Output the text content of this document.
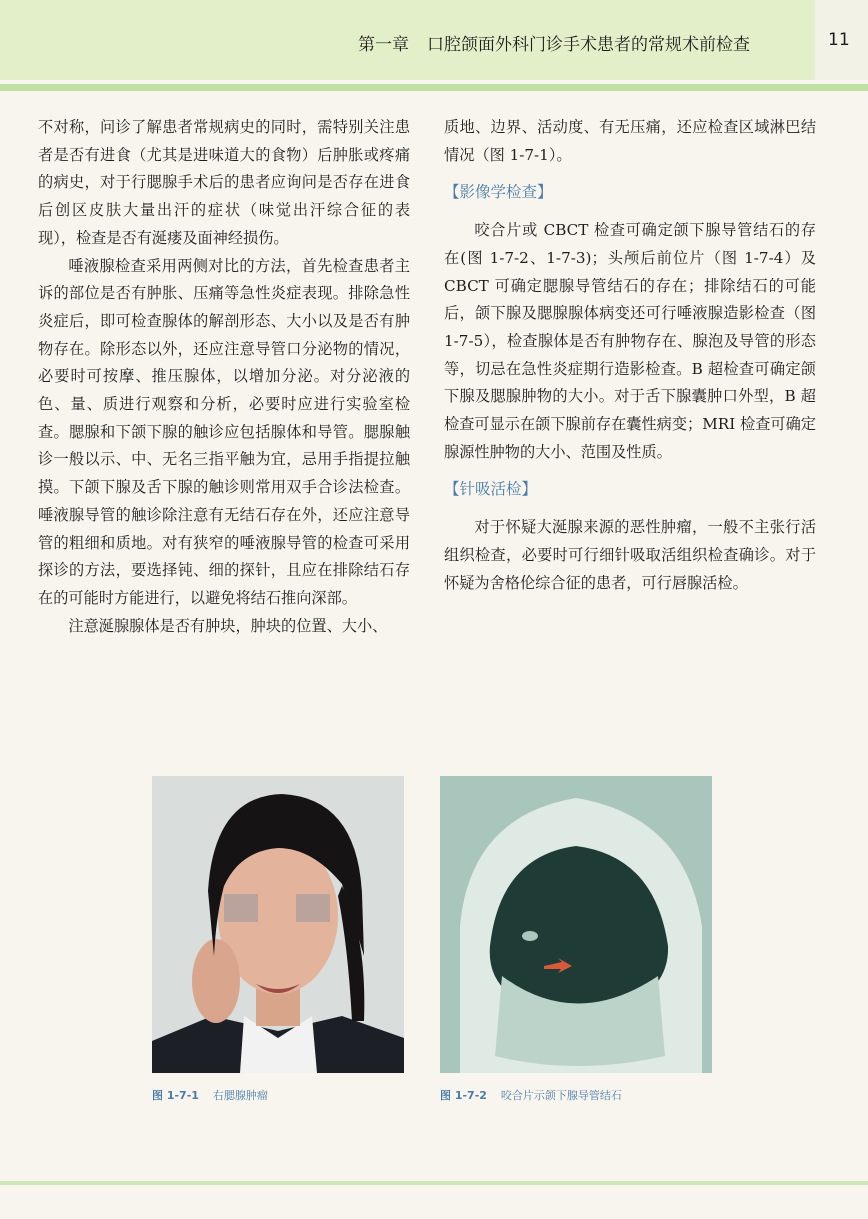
第一章 口腔颌面外科门诊手术患者的常规术前检查	11

不对称，问诊了解患者常规病史的同时，需特别关注患者是否有进食（尤其是进味道大的食物）后肿胀或疼痛的病史，对于行腮腺手术后的患者应询问是否存在进食后创区皮肤大量出汗的症状（味觉出汗综合征的表现），检查是否有涎瘘及面神经损伤。

唾液腺检查采用两侧对比的方法，首先检查患者主诉的部位是否有肿胀、压痛等急性炎症表现。排除急性炎症后，即可检查腺体的解剖形态、大小以及是否有肿物存在。除形态以外，还应注意导管口分泌物的情况，必要时可按摩、推压腺体，以增加分泌。对分泌液的色、量、质进行观察和分析，必要时应进行实验室检查。腮腺和下颌下腺的触诊应包括腺体和导管。腮腺触诊一般以示、中、无名三指平触为宜，忌用手指提拉触摸。下颌下腺及舌下腺的触诊则常用双手合诊法检查。唾液腺导管的触诊除注意有无结石存在外，还应注意导管的粗细和质地。对有狭窄的唾液腺导管的检查可采用探诊的方法，要选择钝、细的探针，且应在排除结石存在的可能时方能进行，以避免将结石推向深部。

注意涎腺腺体是否有肿块，肿块的位置、大小、

质地、边界、活动度、有无压痛，还应检查区域淋巴结情况（图 1-7-1）。

【影像学检查】

咬合片或 CBCT 检查可确定颌下腺导管结石的存在(图 1-7-2、1-7-3)；头颅后前位片（图 1-7-4）及 CBCT 可确定腮腺导管结石的存在；排除结石的可能后，颌下腺及腮腺腺体病变还可行唾液腺造影检查（图 1-7-5），检查腺体是否有肿物存在、腺泡及导管的形态等，切忌在急性炎症期行造影检查。B 超检查可确定颌下腺及腮腺肿物的大小。对于舌下腺囊肿口外型，B 超检查可显示在颌下腺前存在囊性病变；MRI 检查可确定腺源性肿物的大小、范围及性质。

【针吸活检】

对于怀疑大涎腺来源的恶性肿瘤，一般不主张行活组织检查，必要时可行细针吸取活组织检查确诊。对于怀疑为舍格伦综合征的患者，可行唇腺活检。

图 1-7-1 右腮腺肿瘤	图 1-7-2 咬合片示颌下腺导管结石
